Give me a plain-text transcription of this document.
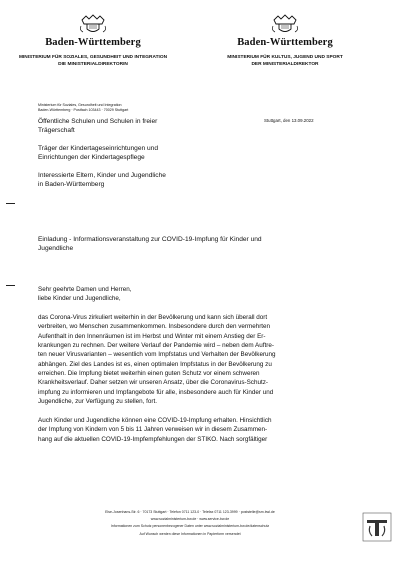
Baden-Württemberg
MINISTERIUM FÜR SOZIALES, GESUNDHEIT UND INTEGRATION
DIE MINISTERIALDIREKTORIN
Baden-Württemberg
MINISTERIUM FÜR KULTUS, JUGEND UND SPORT
DER MINISTERIALDIREKTOR
Ministerium für Soziales, Gesundheit und Integration
Baden-Württemberg · Postfach 103443 · 70029 Stuttgart
Stuttgart, den 13.09.2022
Öffentliche Schulen und Schulen in freier
Trägerschaft
Träger der Kindertageseinrichtungen und
Einrichtungen der Kindertagespflege
Interessierte Eltern, Kinder und Jugendliche
in Baden-Württemberg
Einladung - Informationsveranstaltung zur COVID-19-Impfung für Kinder und
Jugendliche
Sehr geehrte Damen und Herren,
liebe Kinder und Jugendliche,
das Corona-Virus zirkuliert weiterhin in der Bevölkerung und kann sich überall dort
verbreiten, wo Menschen zusammenkommen. Insbesondere durch den vermehrten
Aufenthalt in den Innenräumen ist im Herbst und Winter mit einem Anstieg der Er-
krankungen zu rechnen. Der weitere Verlauf der Pandemie wird – neben dem Auftre-
ten neuer Virusvarianten – wesentlich vom Impfstatus und Verhalten der Bevölkerung
abhängen. Ziel des Landes ist es, einen optimalen Impfstatus in der Bevölkerung zu
erreichen. Die Impfung bietet weiterhin einen guten Schutz vor einem schweren
Krankheitsverlauf. Daher setzen wir unseren Ansatz, über die Coronavirus-Schutz-
impfung zu informieren und Impfangebote für alle, insbesondere auch für Kinder und
Jugendliche, zur Verfügung zu stellen, fort.
Auch Kinder und Jugendliche können eine COVID-19-Impfung erhalten. Hinsichtlich
der Impfung von Kindern von 5 bis 11 Jahren verweisen wir in diesem Zusammen-
hang auf die aktuellen COVID-19-Impfempfehlungen der STIKO. Nach sorgfältiger
Else-Josenhans-Str. 6 · 70173 Stuttgart · Telefon 0711 123-0 · Telefax 0711 123-3999 · poststelle@sm.bwl.de
www.sozialministerium-bw.de · www.service-bw.de
Informationen zum Schutz personenbezogener Daten unter www.sozialministerium-bw.de/datenschutz
Auf Wunsch werden diese Informationen in Papierform versendet
